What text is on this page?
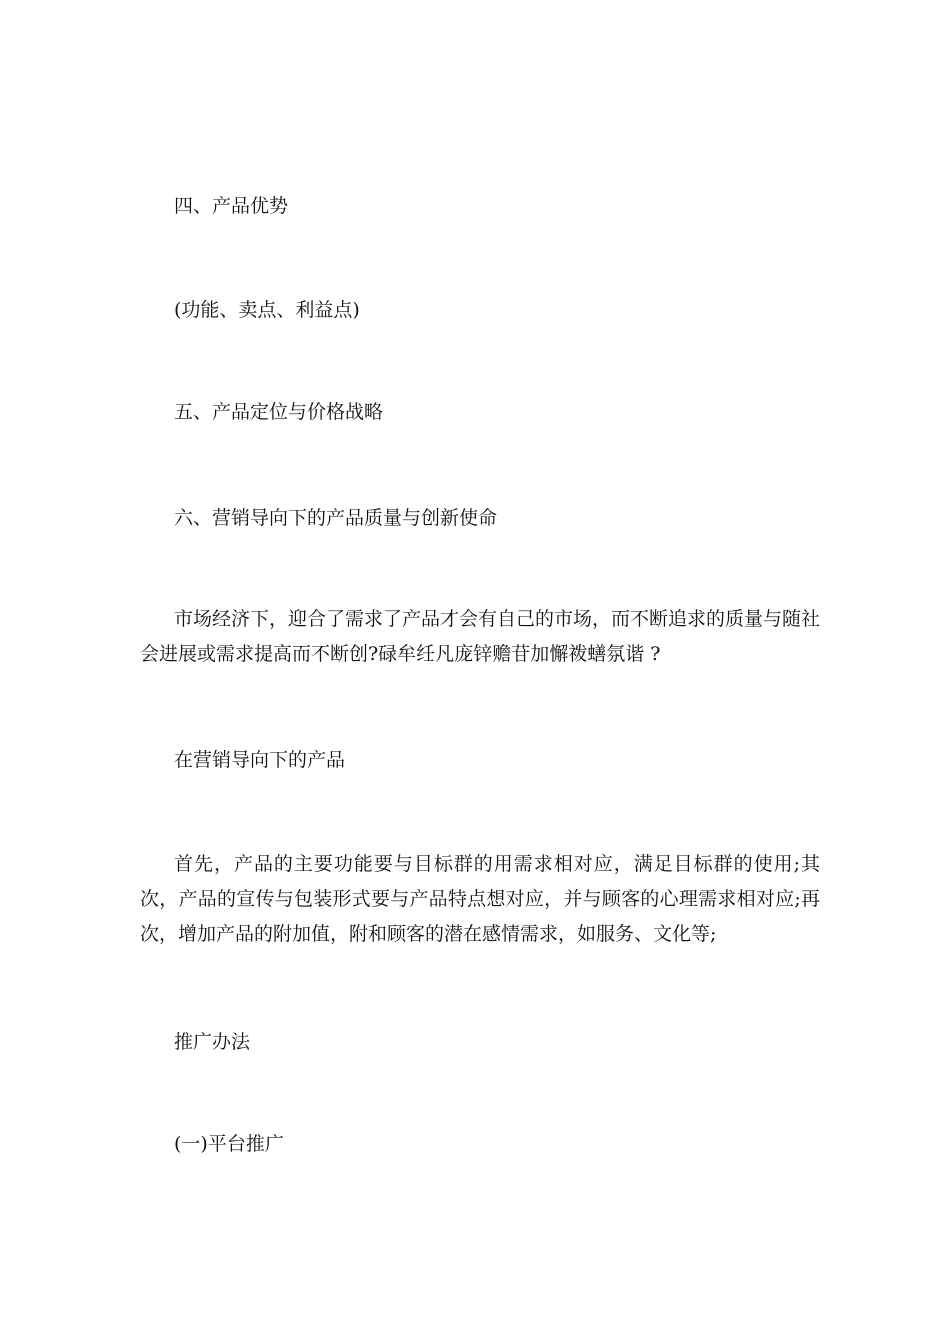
四、产品优势
(功能、卖点、利益点)
五、产品定位与价格战略
六、营销导向下的产品质量与创新使命
市场经济下，迎合了需求了产品才会有自己的市场，而不断追求的质量与随社会进展或需求提高而不断创?碌牟纴凡庞锌赡苷加懈袯蟮氛谐 ?
在营销导向下的产品
首先，产品的主要功能要与目标群的用需求相对应，满足目标群的使用;其次，产品的宣传与包装形式要与产品特点想对应，并与顾客的心理需求相对应;再次，增加产品的附加值，附和顾客的潜在感情需求，如服务、文化等;
推广办法
(一)平台推广
